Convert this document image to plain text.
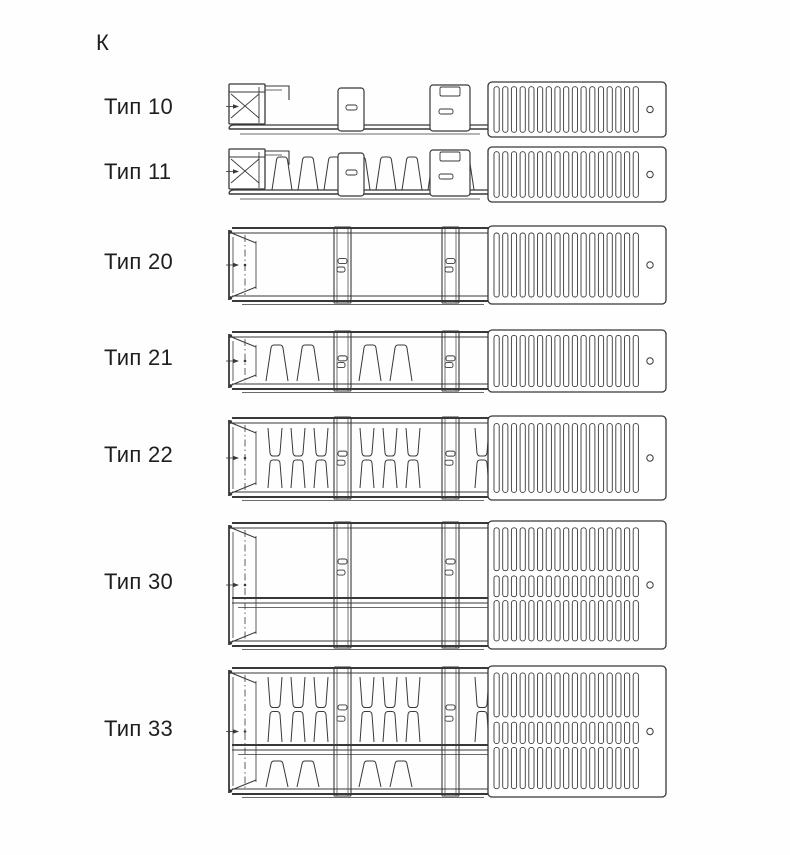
К
Тип 10
Тип 11
Тип 20
Тип 21
Тип 22
Тип 30
Тип 33
